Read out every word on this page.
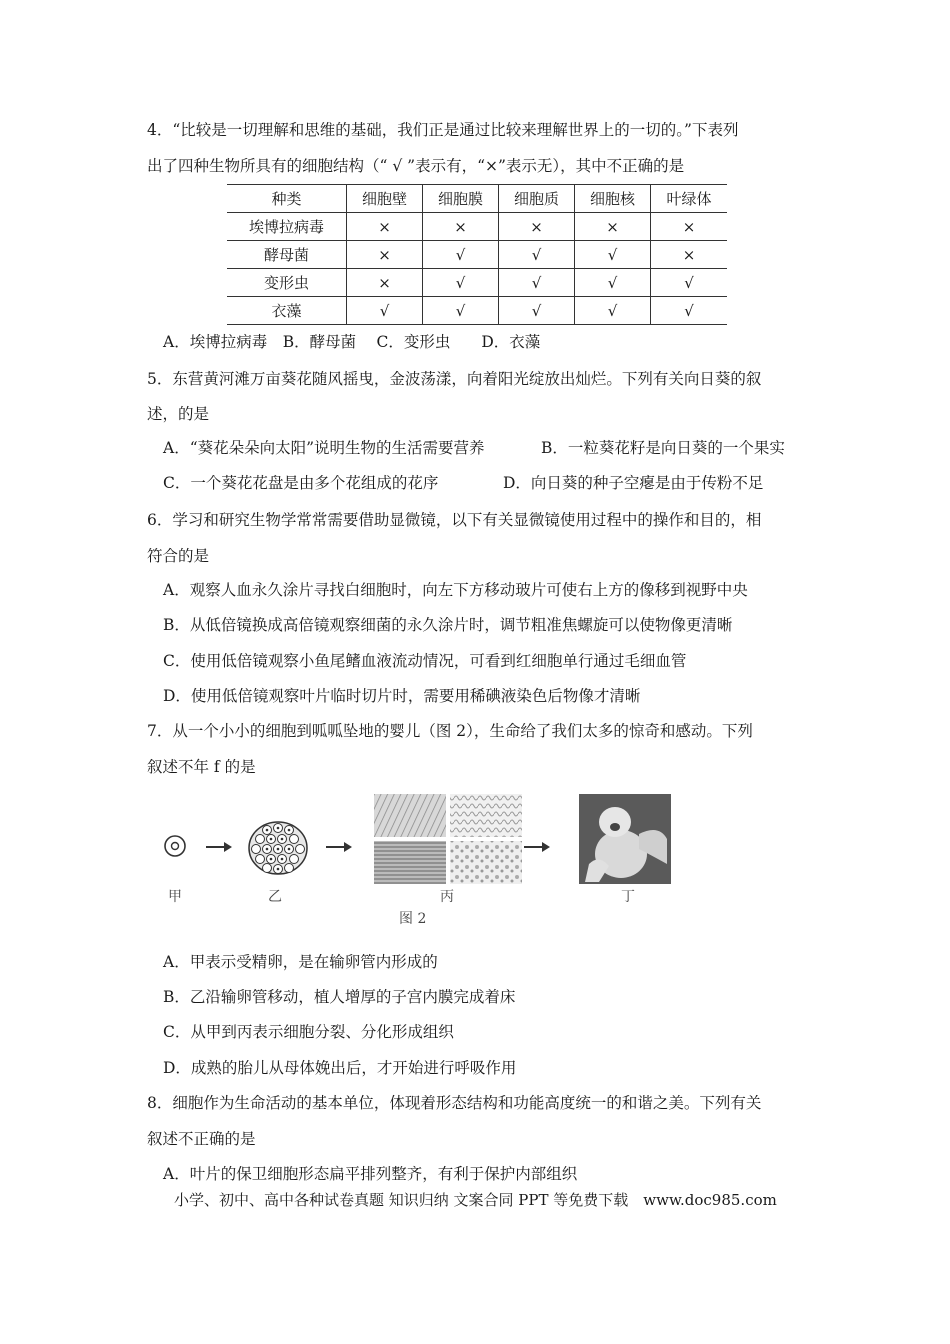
4．“比较是一切理解和思维的基础，我们正是通过比较来理解世界上的一切的。”下表列
出了四种生物所具有的细胞结构（“ √ ”表示有，“×”表示无），其中不正确的是
种类	细胞壁	细胞膜	细胞质	细胞核	叶绿体
埃博拉病毒	×	×	×	×	×
酵母菌	×	√	√	√	×
变形虫	×	√	√	√	√
衣藻	√	√	√	√	√
A．埃博拉病毒　B．酵母菌　 C．变形虫　　D．衣藻
5．东营黄河滩万亩葵花随风摇曳，金波荡漾，向着阳光绽放出灿烂。下列有关向日葵的叙
述，的是
A．“葵花朵朵向太阳”说明生物的生活需要营养	B．一粒葵花籽是向日葵的一个果实
C．一个葵花花盘是由多个花组成的花序	D．向日葵的种子空瘪是由于传粉不足
6．学习和研究生物学常常需要借助显微镜，以下有关显微镜使用过程中的操作和目的，相
符合的是
A．观察人血永久涂片寻找白细胞时，向左下方移动玻片可使右上方的像移到视野中央
B．从低倍镜换成高倍镜观察细菌的永久涂片时，调节粗准焦螺旋可以使物像更清晰
C．使用低倍镜观察小鱼尾鳍血液流动情况，可看到红细胞单行通过毛细血管
D．使用低倍镜观察叶片临时切片时，需要用稀碘液染色后物像才清晰
7．从一个小小的细胞到呱呱坠地的婴儿（图 2），生命给了我们太多的惊奇和感动。下列
叙述不年 f 的是
甲	乙	丙	丁
图 2
A．甲表示受精卵，是在输卵管内形成的
B．乙沿输卵管移动，植人增厚的子宫内膜完成着床
C．从甲到丙表示细胞分裂、分化形成组织
D．成熟的胎儿从母体娩出后，才开始进行呼吸作用
8．细胞作为生命活动的基本单位，体现着形态结构和功能高度统一的和谐之美。下列有关
叙述不正确的是
A．叶片的保卫细胞形态扁平排列整齐，有利于保护内部组织
小学、初中、高中各种试卷真题 知识归纳 文案合同 PPT 等免费下载　www.doc985.com
